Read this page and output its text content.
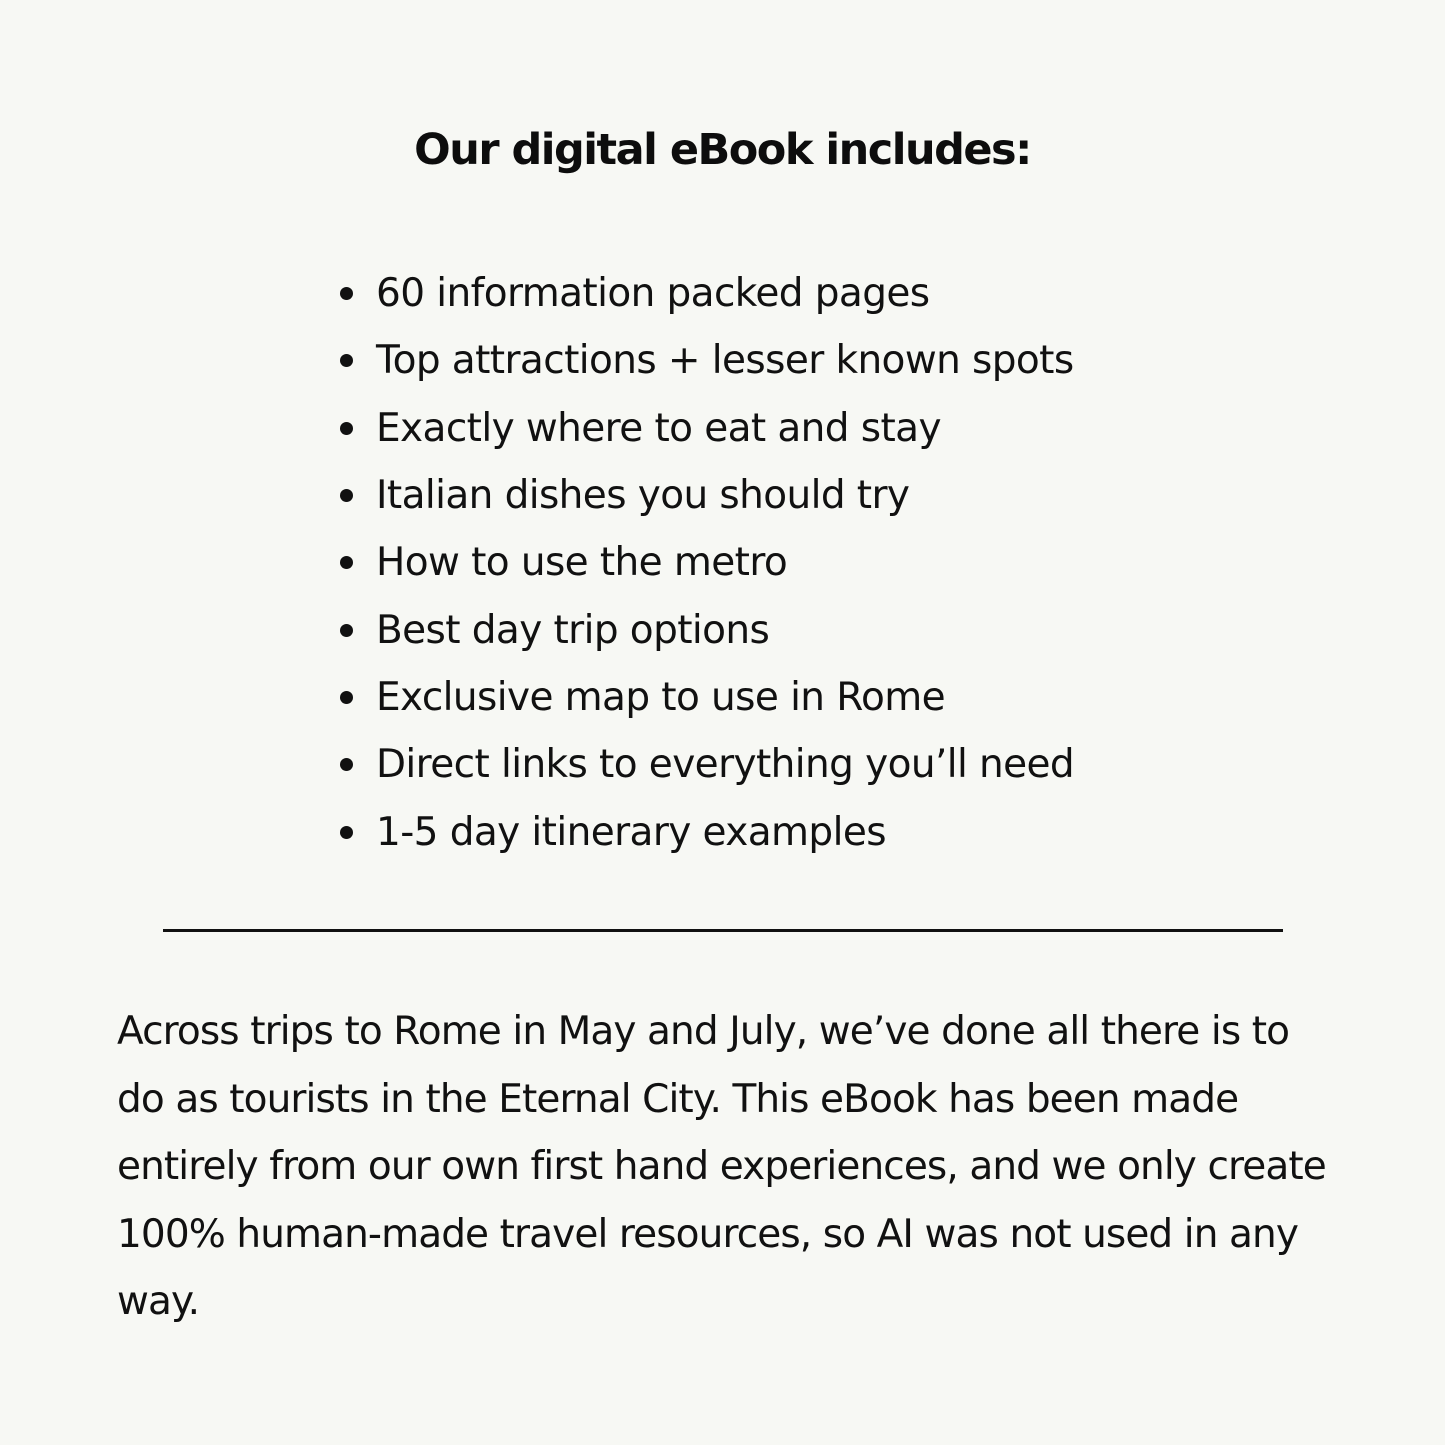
Our digital eBook includes:
60 information packed pages
Top attractions + lesser known spots
Exactly where to eat and stay
Italian dishes you should try
How to use the metro
Best day trip options
Exclusive map to use in Rome
Direct links to everything you’ll need
1-5 day itinerary examples

Across trips to Rome in May and July, we’ve done all there is to do as tourists in the Eternal City. This eBook has been made entirely from our own first hand experiences, and we only create 100% human-made travel resources, so AI was not used in any way.
